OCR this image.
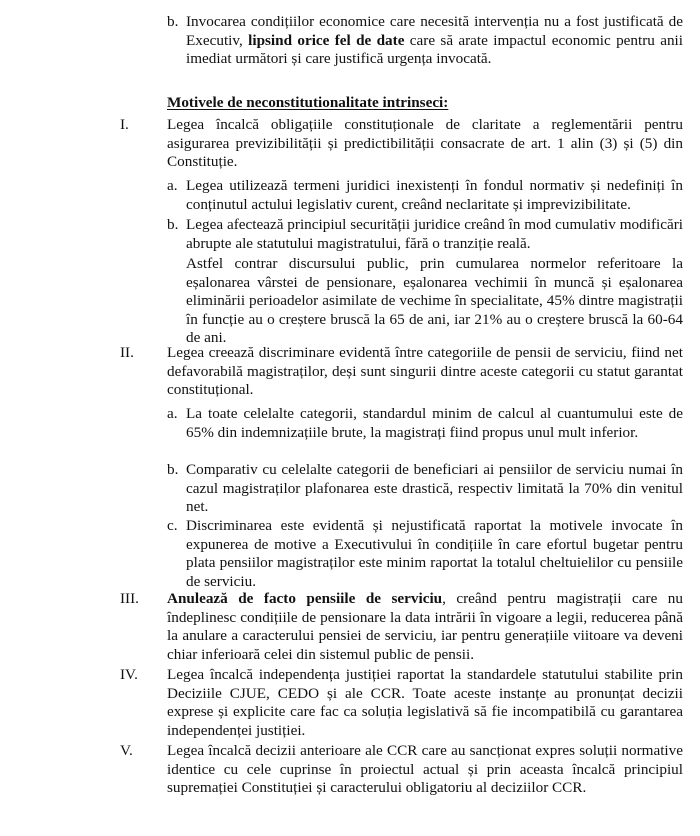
b. Invocarea condițiilor economice care necesită intervenția nu a fost justificată de Executiv, lipsind orice fel de date care să arate impactul economic pentru anii imediat următori și care justifică urgența invocată.
Motivele de neconstitutionalitate intrinseci:
I.	Legea încalcă obligațiile constituționale de claritate a reglementării pentru asigurarea previzibilității și predictibilității consacrate de art. 1 alin (3) și (5) din Constituție.
a. Legea utilizează termeni juridici inexistenți în fondul normativ și nedefiniți în conținutul actului legislativ curent, creând neclaritate și imprevizibilitate.
b. Legea afectează principiul securității juridice creând în mod cumulativ modificări abrupte ale statutului magistratului, fără o tranziție reală.
Astfel contrar discursului public, prin cumularea normelor referitoare la eșalonarea vârstei de pensionare, eșalonarea vechimii în muncă și eșalonarea eliminării perioadelor asimilate de vechime în specialitate, 45% dintre magistrații în funcție au o creștere bruscă la 65 de ani, iar 21% au o creștere bruscă la 60-64 de ani.
II. Legea creează discriminare evidentă între categoriile de pensii de serviciu, fiind net defavorabilă magistraților, deși sunt singurii dintre aceste categorii cu statut garantat constituțional.
a. La toate celelalte categorii, standardul minim de calcul al cuantumului este de 65% din indemnizațiile brute, la magistrați fiind propus unul mult inferior.
b. Comparativ cu celelalte categorii de beneficiari ai pensiilor de serviciu numai în cazul magistraților plafonarea este drastică, respectiv limitată la 70% din venitul net.
c. Discriminarea este evidentă și nejustificată raportat la motivele invocate în expunerea de motive a Executivului în condițiile în care efortul bugetar pentru plata pensiilor magistraților este minim raportat la totalul cheltuielilor cu pensiile de serviciu.
III. Anulează de facto pensiile de serviciu, creând pentru magistrații care nu îndeplinesc condițiile de pensionare la data intrării în vigoare a legii, reducerea până la anulare a caracterului pensiei de serviciu, iar pentru generațiile viitoare va deveni chiar inferioară celei din sistemul public de pensii.
IV. Legea încalcă independența justiției raportat la standardele statutului stabilite prin Deciziile CJUE, CEDO și ale CCR. Toate aceste instanțe au pronunțat decizii exprese și explicite care fac ca soluția legislativă să fie incompatibilă cu garantarea independenței justiției.
V. Legea încalcă decizii anterioare ale CCR care au sancționat expres soluții normative identice cu cele cuprinse în proiectul actual și prin aceasta încalcă principiul supremației Constituției și caracterului obligatoriu al deciziilor CCR.
